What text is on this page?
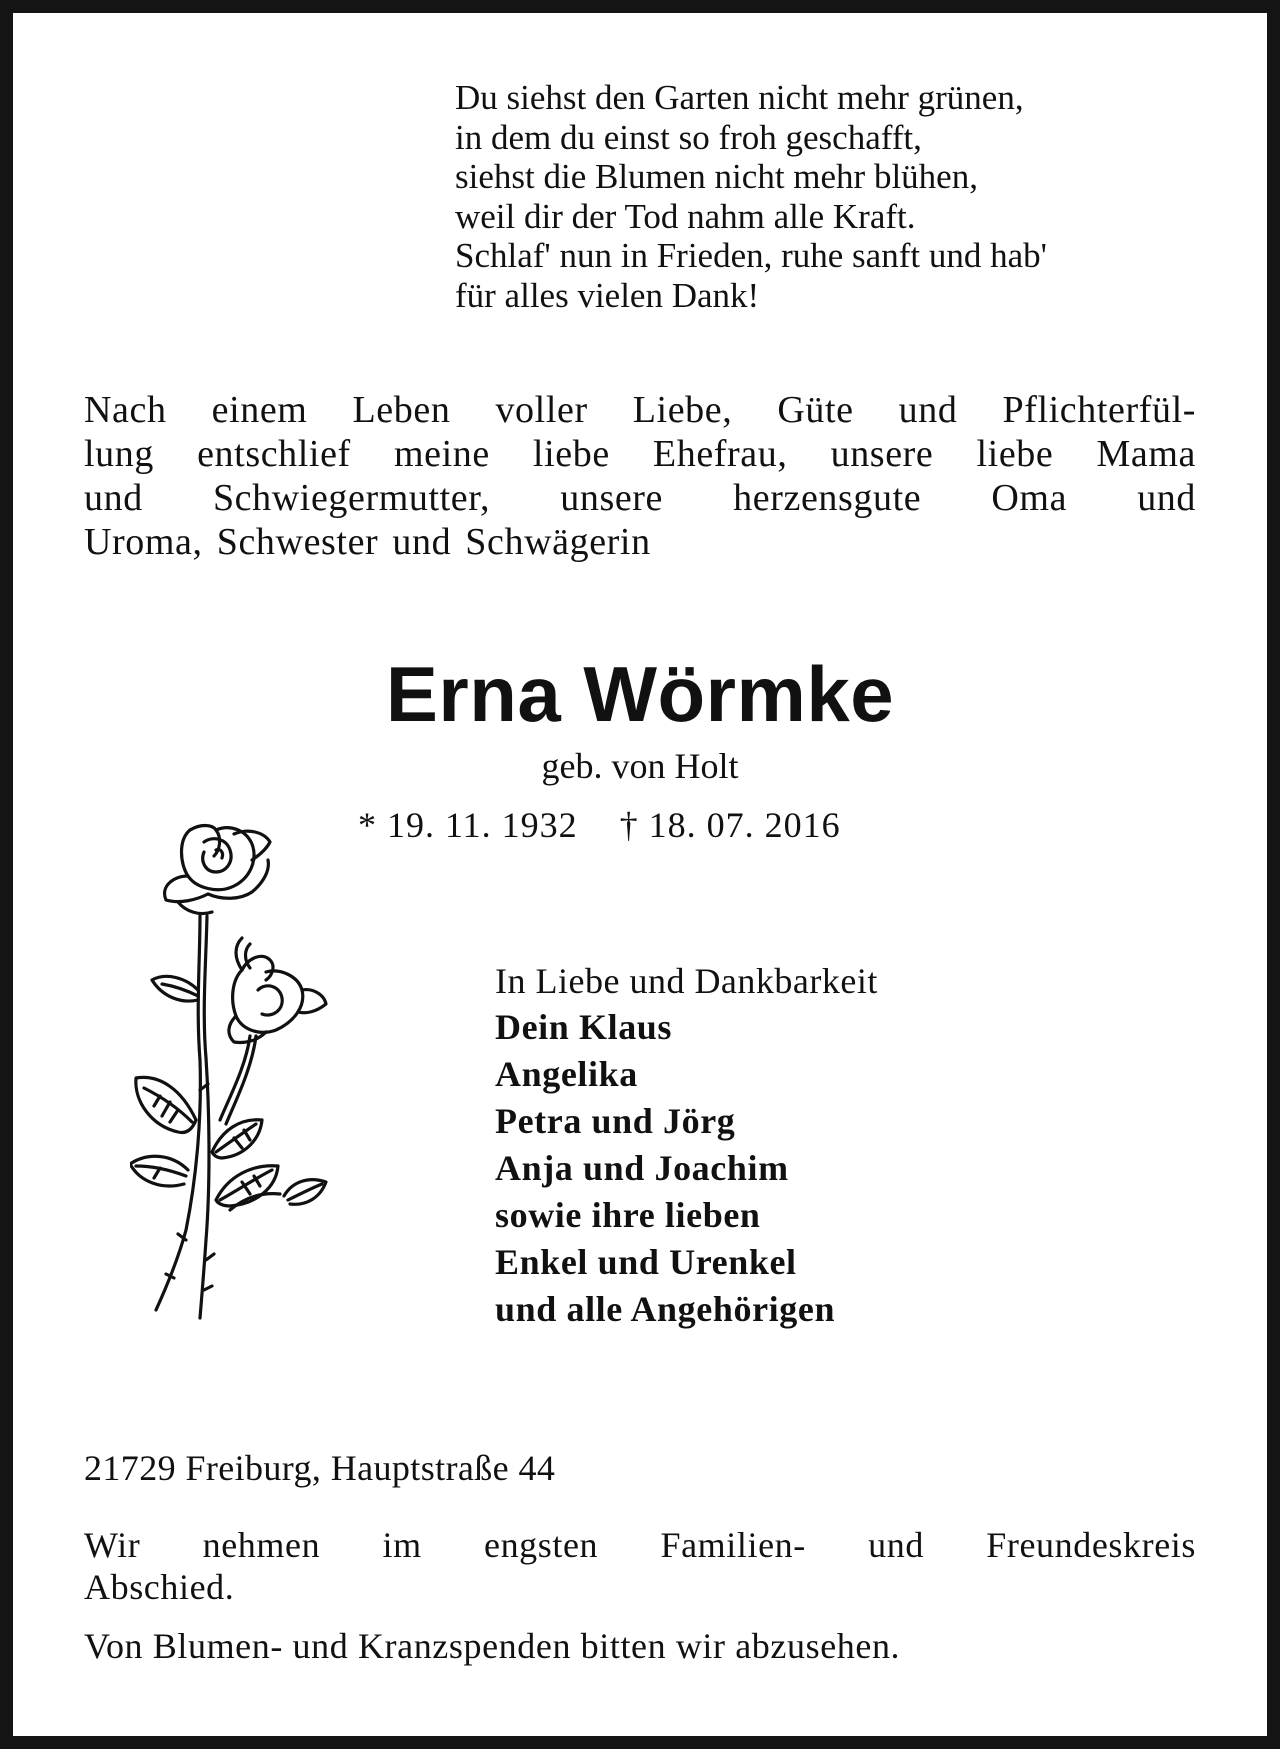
Du siehst den Garten nicht mehr grünen,
in dem du einst so froh geschafft,
siehst die Blumen nicht mehr blühen,
weil dir der Tod nahm alle Kraft.
Schlaf' nun in Frieden, ruhe sanft und hab'
für alles vielen Dank!
Nach einem Leben voller Liebe, Güte und Pflichterfül-
lung entschlief meine liebe Ehefrau, unsere liebe Mama
und Schwiegermutter, unsere herzensgute Oma und
Uroma, Schwester und Schwägerin
Erna Wörmke
geb. von Holt
* 19. 11. 1932 † 18. 07. 2016
In Liebe und Dankbarkeit
Dein Klaus
Angelika
Petra und Jörg
Anja und Joachim
sowie ihre lieben
Enkel und Urenkel
und alle Angehörigen
21729 Freiburg, Hauptstraße 44
Wir nehmen im engsten Familien- und Freundeskreis
Abschied.
Von Blumen- und Kranzspenden bitten wir abzusehen.
